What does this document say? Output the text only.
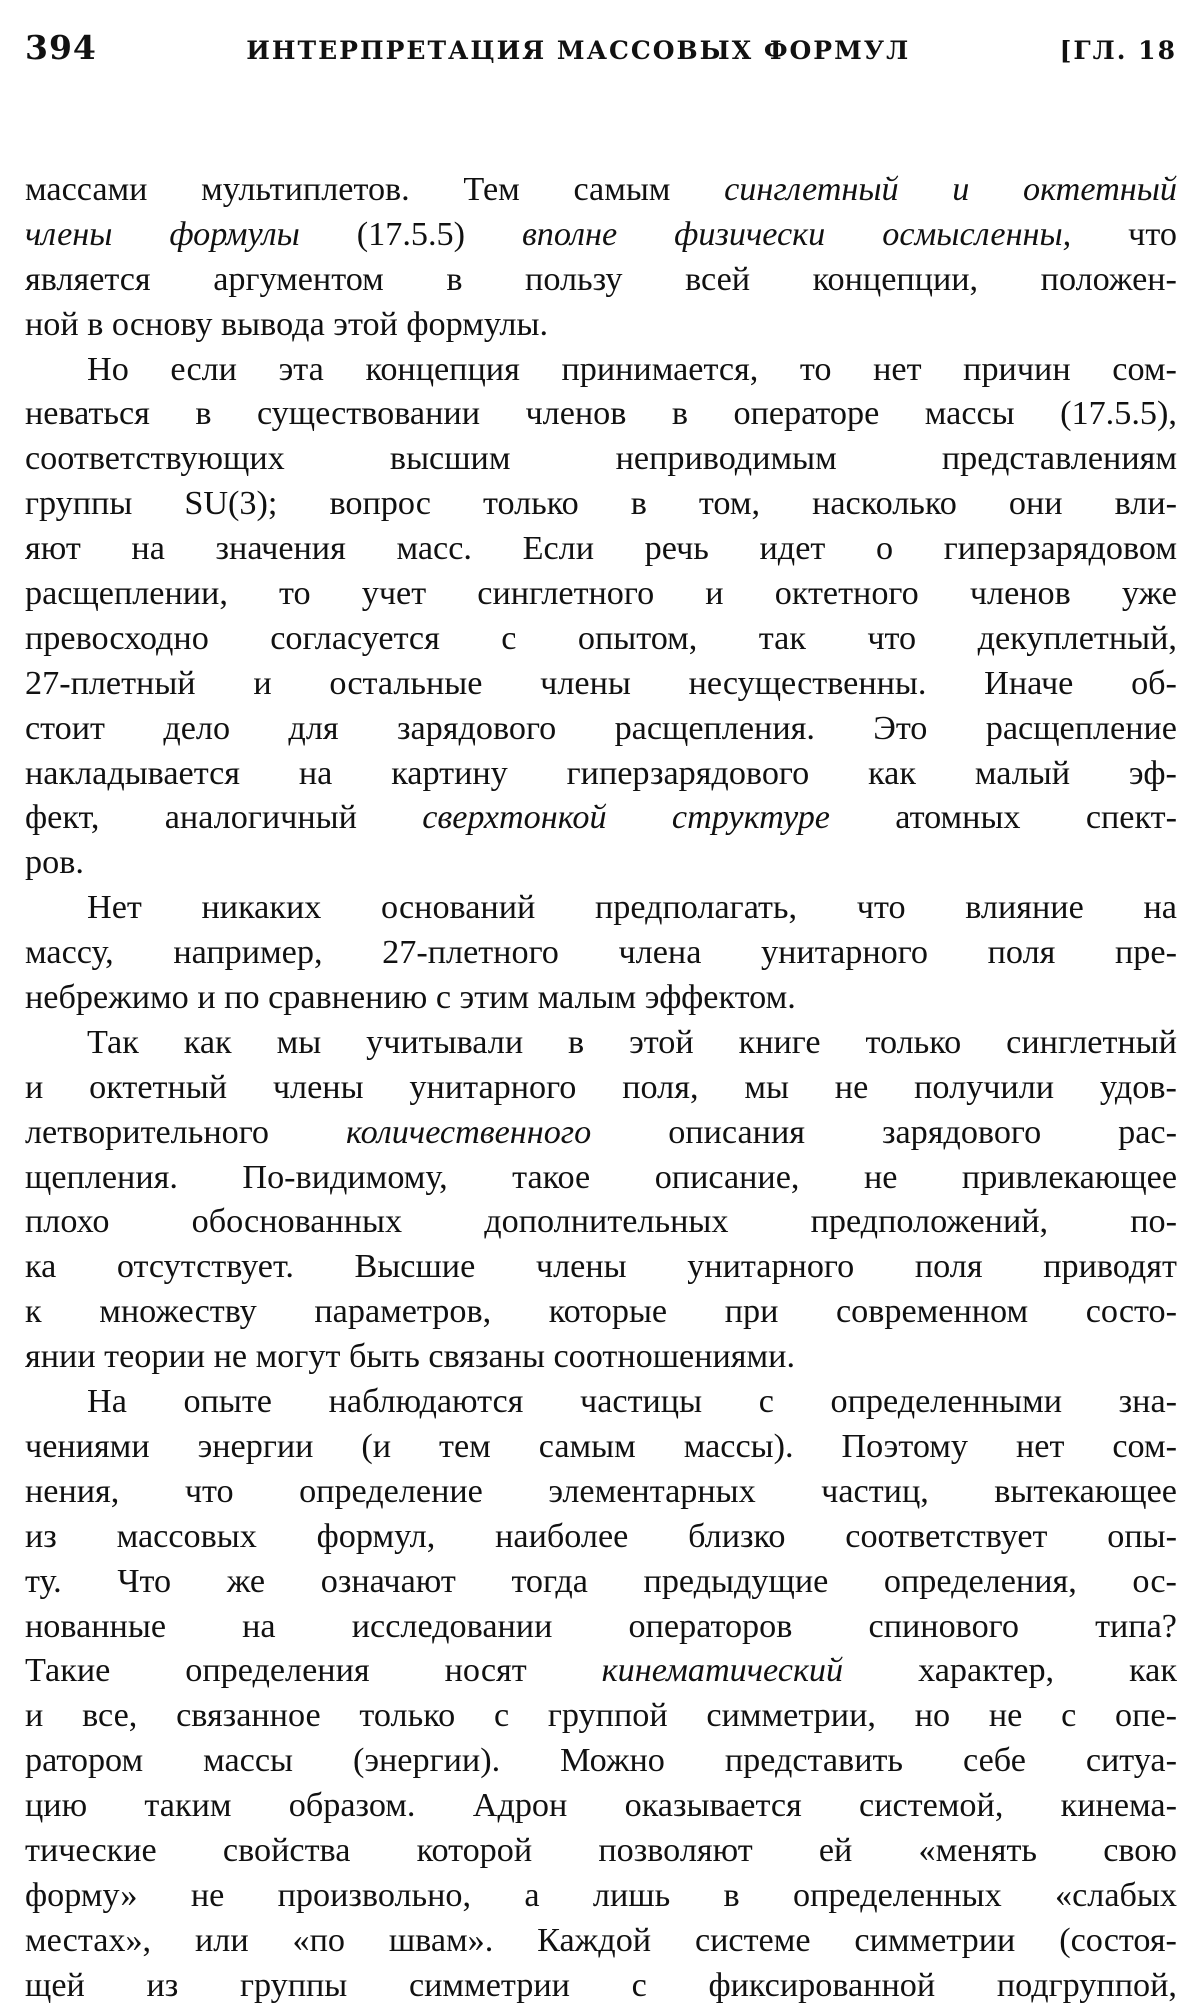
394	ИНТЕРПРЕТАЦИЯ МАССОВЫХ ФОРМУЛ	[ГЛ. 18
массами мультиплетов. Тем самым синглетный и октетный
члены формулы (17.5.5) вполне физически осмысленны, что
является аргументом в пользу всей концепции, положен-
ной в основу вывода этой формулы.
Но если эта концепция принимается, то нет причин сом-
неваться в существовании членов в операторе массы (17.5.5),
соответствующих	высшим	неприводимым	представлениям
группы SU(3); вопрос только в том, насколько они вли-
яют на значения масс. Если речь идет о гиперзарядовом
расщеплении, то учет синглетного и октетного членов уже
превосходно согласуется с опытом, так что декуплетный,
27-плетный и остальные члены несущественны. Иначе об-
стоит дело для зарядового расщепления. Это расщепление
накладывается на картину гиперзарядового как малый эф-
фект, аналогичный сверхтонкой структуре атомных спект-
ров.
Нет никаких оснований предполагать, что влияние на
массу, например, 27-плетного члена унитарного поля пре-
небрежимо и по сравнению с этим малым эффектом.
Так как мы учитывали в этой книге только синглетный
и октетный члены унитарного поля, мы не получили удов-
летворительного количественного описания зарядового рас-
щепления. По-видимому, такое описание, не привлекающее
плохо обоснованных дополнительных предположений, по-
ка отсутствует. Высшие члены унитарного поля приводят
к множеству параметров, которые при современном состо-
янии теории не могут быть связаны соотношениями.
На опыте наблюдаются частицы с определенными зна-
чениями энергии (и тем самым массы). Поэтому нет сом-
нения, что определение элементарных частиц, вытекающее
из массовых формул, наиболее близко соответствует опы-
ту. Что же означают тогда предыдущие определения, ос-
нованные на исследовании операторов спинового типа?
Такие определения носят кинематический характер, как
и все, связанное только с группой симметрии, но не с опе-
ратором массы (энергии). Можно представить себе ситуа-
цию таким образом. Адрон оказывается системой, кинема-
тические свойства которой позволяют ей «менять свою
форму» не произвольно, а лишь в определенных «слабых
местах», или «по швам». Каждой системе симметрии (состоя-
щей из группы симметрии с фиксированной подгруппой,
